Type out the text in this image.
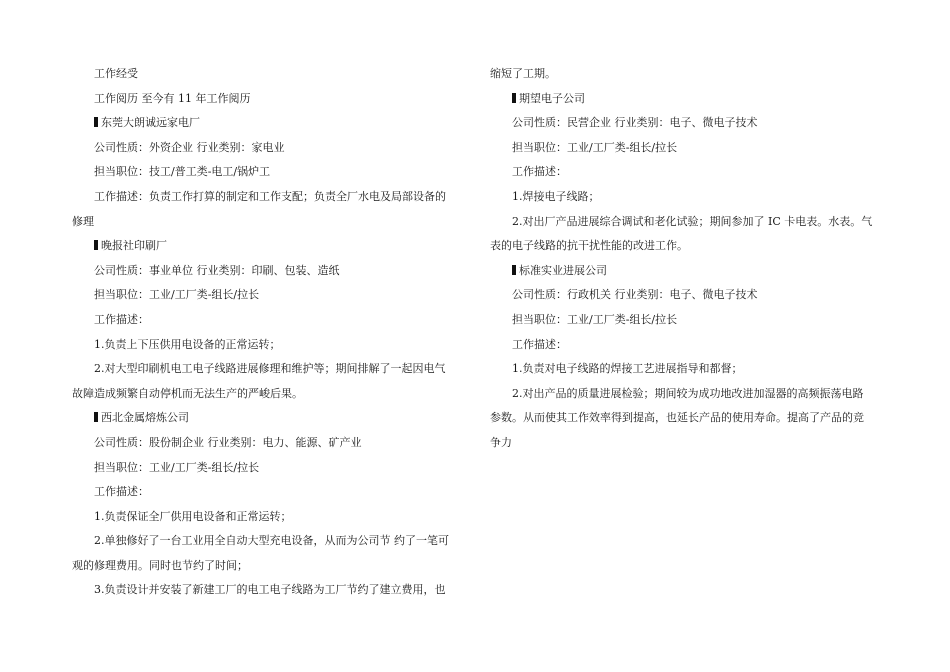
工作经受
工作阅历 至今有 11 年工作阅历
东莞大朗诚远家电厂
公司性质：外资企业 行业类别：家电业
担当职位：技工/普工类-电工/锅炉工
工作描述：负责工作打算的制定和工作支配；负责全厂水电及局部设备的
修理
晚报社印刷厂
公司性质：事业单位 行业类别：印刷、包装、造纸
担当职位：工业/工厂类-组长/拉长
工作描述：
1.负责上下压供用电设备的正常运转；
2.对大型印刷机电工电子线路进展修理和维护等；期间排解了一起因电气
故障造成频繁自动停机而无法生产的严峻后果。
西北金属熔炼公司
公司性质：股份制企业 行业类别：电力、能源、矿产业
担当职位：工业/工厂类-组长/拉长
工作描述：
1.负责保证全厂供用电设备和正常运转；
2.单独修好了一台工业用全自动大型充电设备，从而为公司节 约了一笔可
观的修理费用。同时也节约了时间；
3.负责设计并安装了新建工厂的电工电子线路为工厂节约了建立费用，也
缩短了工期。
期望电子公司
公司性质：民营企业 行业类别：电子、微电子技术
担当职位：工业/工厂类-组长/拉长
工作描述：
1.焊接电子线路；
2.对出厂产品进展综合调试和老化试验；期间参加了 IC 卡电表。水表。气
表的电子线路的抗干扰性能的改进工作。
标准实业进展公司
公司性质：行政机关 行业类别：电子、微电子技术
担当职位：工业/工厂类-组长/拉长
工作描述：
1.负责对电子线路的焊接工艺进展指导和都督；
2.对出产品的质量进展检验；期间较为成功地改进加湿器的高频振荡电路
参数。从而使其工作效率得到提高，也延长产品的使用寿命。提高了产品的竞
争力
